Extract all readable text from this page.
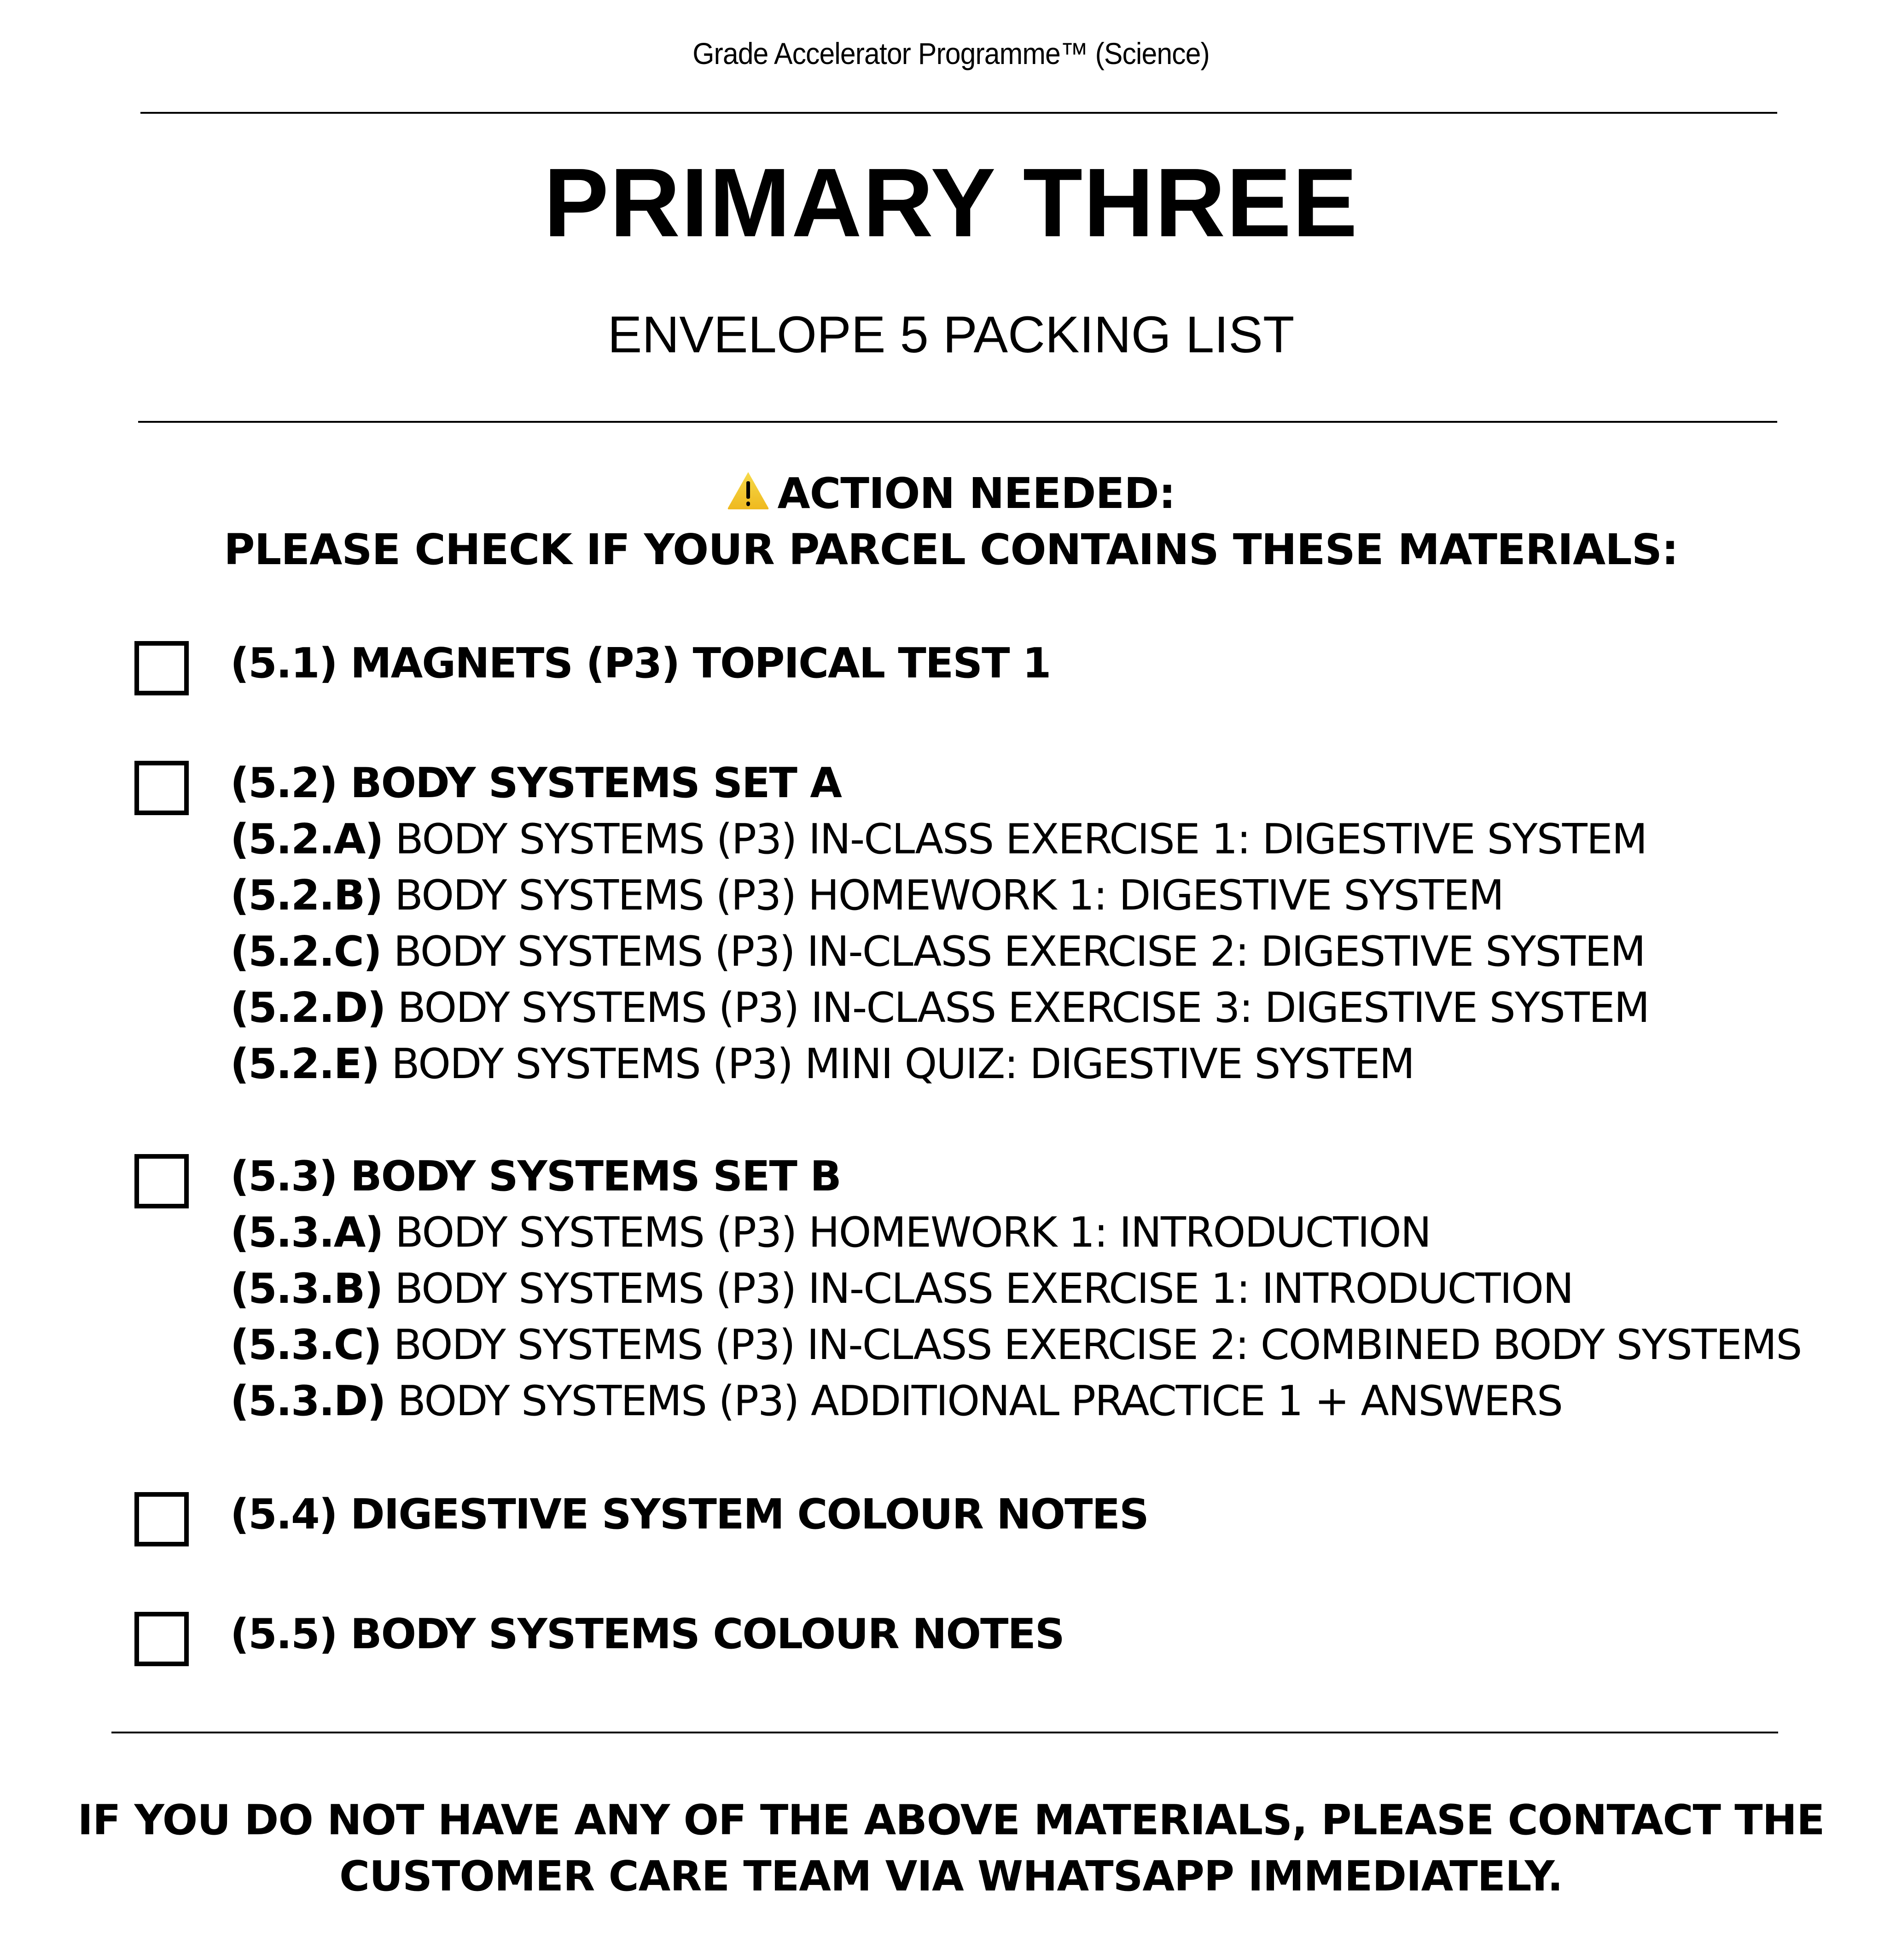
Grade Accelerator Programme™ (Science)
PRIMARY THREE
ENVELOPE 5 PACKING LIST
ACTION NEEDED:
PLEASE CHECK IF YOUR PARCEL CONTAINS THESE MATERIALS:
(5.1) MAGNETS (P3) TOPICAL TEST 1
(5.2) BODY SYSTEMS SET A
(5.2.A) BODY SYSTEMS (P3) IN-CLASS EXERCISE 1: DIGESTIVE SYSTEM
(5.2.B) BODY SYSTEMS (P3) HOMEWORK 1: DIGESTIVE SYSTEM
(5.2.C) BODY SYSTEMS (P3) IN-CLASS EXERCISE 2: DIGESTIVE SYSTEM
(5.2.D) BODY SYSTEMS (P3) IN-CLASS EXERCISE 3: DIGESTIVE SYSTEM
(5.2.E) BODY SYSTEMS (P3) MINI QUIZ: DIGESTIVE SYSTEM
(5.3) BODY SYSTEMS SET B
(5.3.A) BODY SYSTEMS (P3) HOMEWORK 1: INTRODUCTION
(5.3.B) BODY SYSTEMS (P3) IN-CLASS EXERCISE 1: INTRODUCTION
(5.3.C) BODY SYSTEMS (P3) IN-CLASS EXERCISE 2: COMBINED BODY SYSTEMS
(5.3.D) BODY SYSTEMS (P3) ADDITIONAL PRACTICE 1 + ANSWERS
(5.4) DIGESTIVE SYSTEM COLOUR NOTES
(5.5) BODY SYSTEMS COLOUR NOTES
IF YOU DO NOT HAVE ANY OF THE ABOVE MATERIALS, PLEASE CONTACT THE
CUSTOMER CARE TEAM VIA WHATSAPP IMMEDIATELY.
